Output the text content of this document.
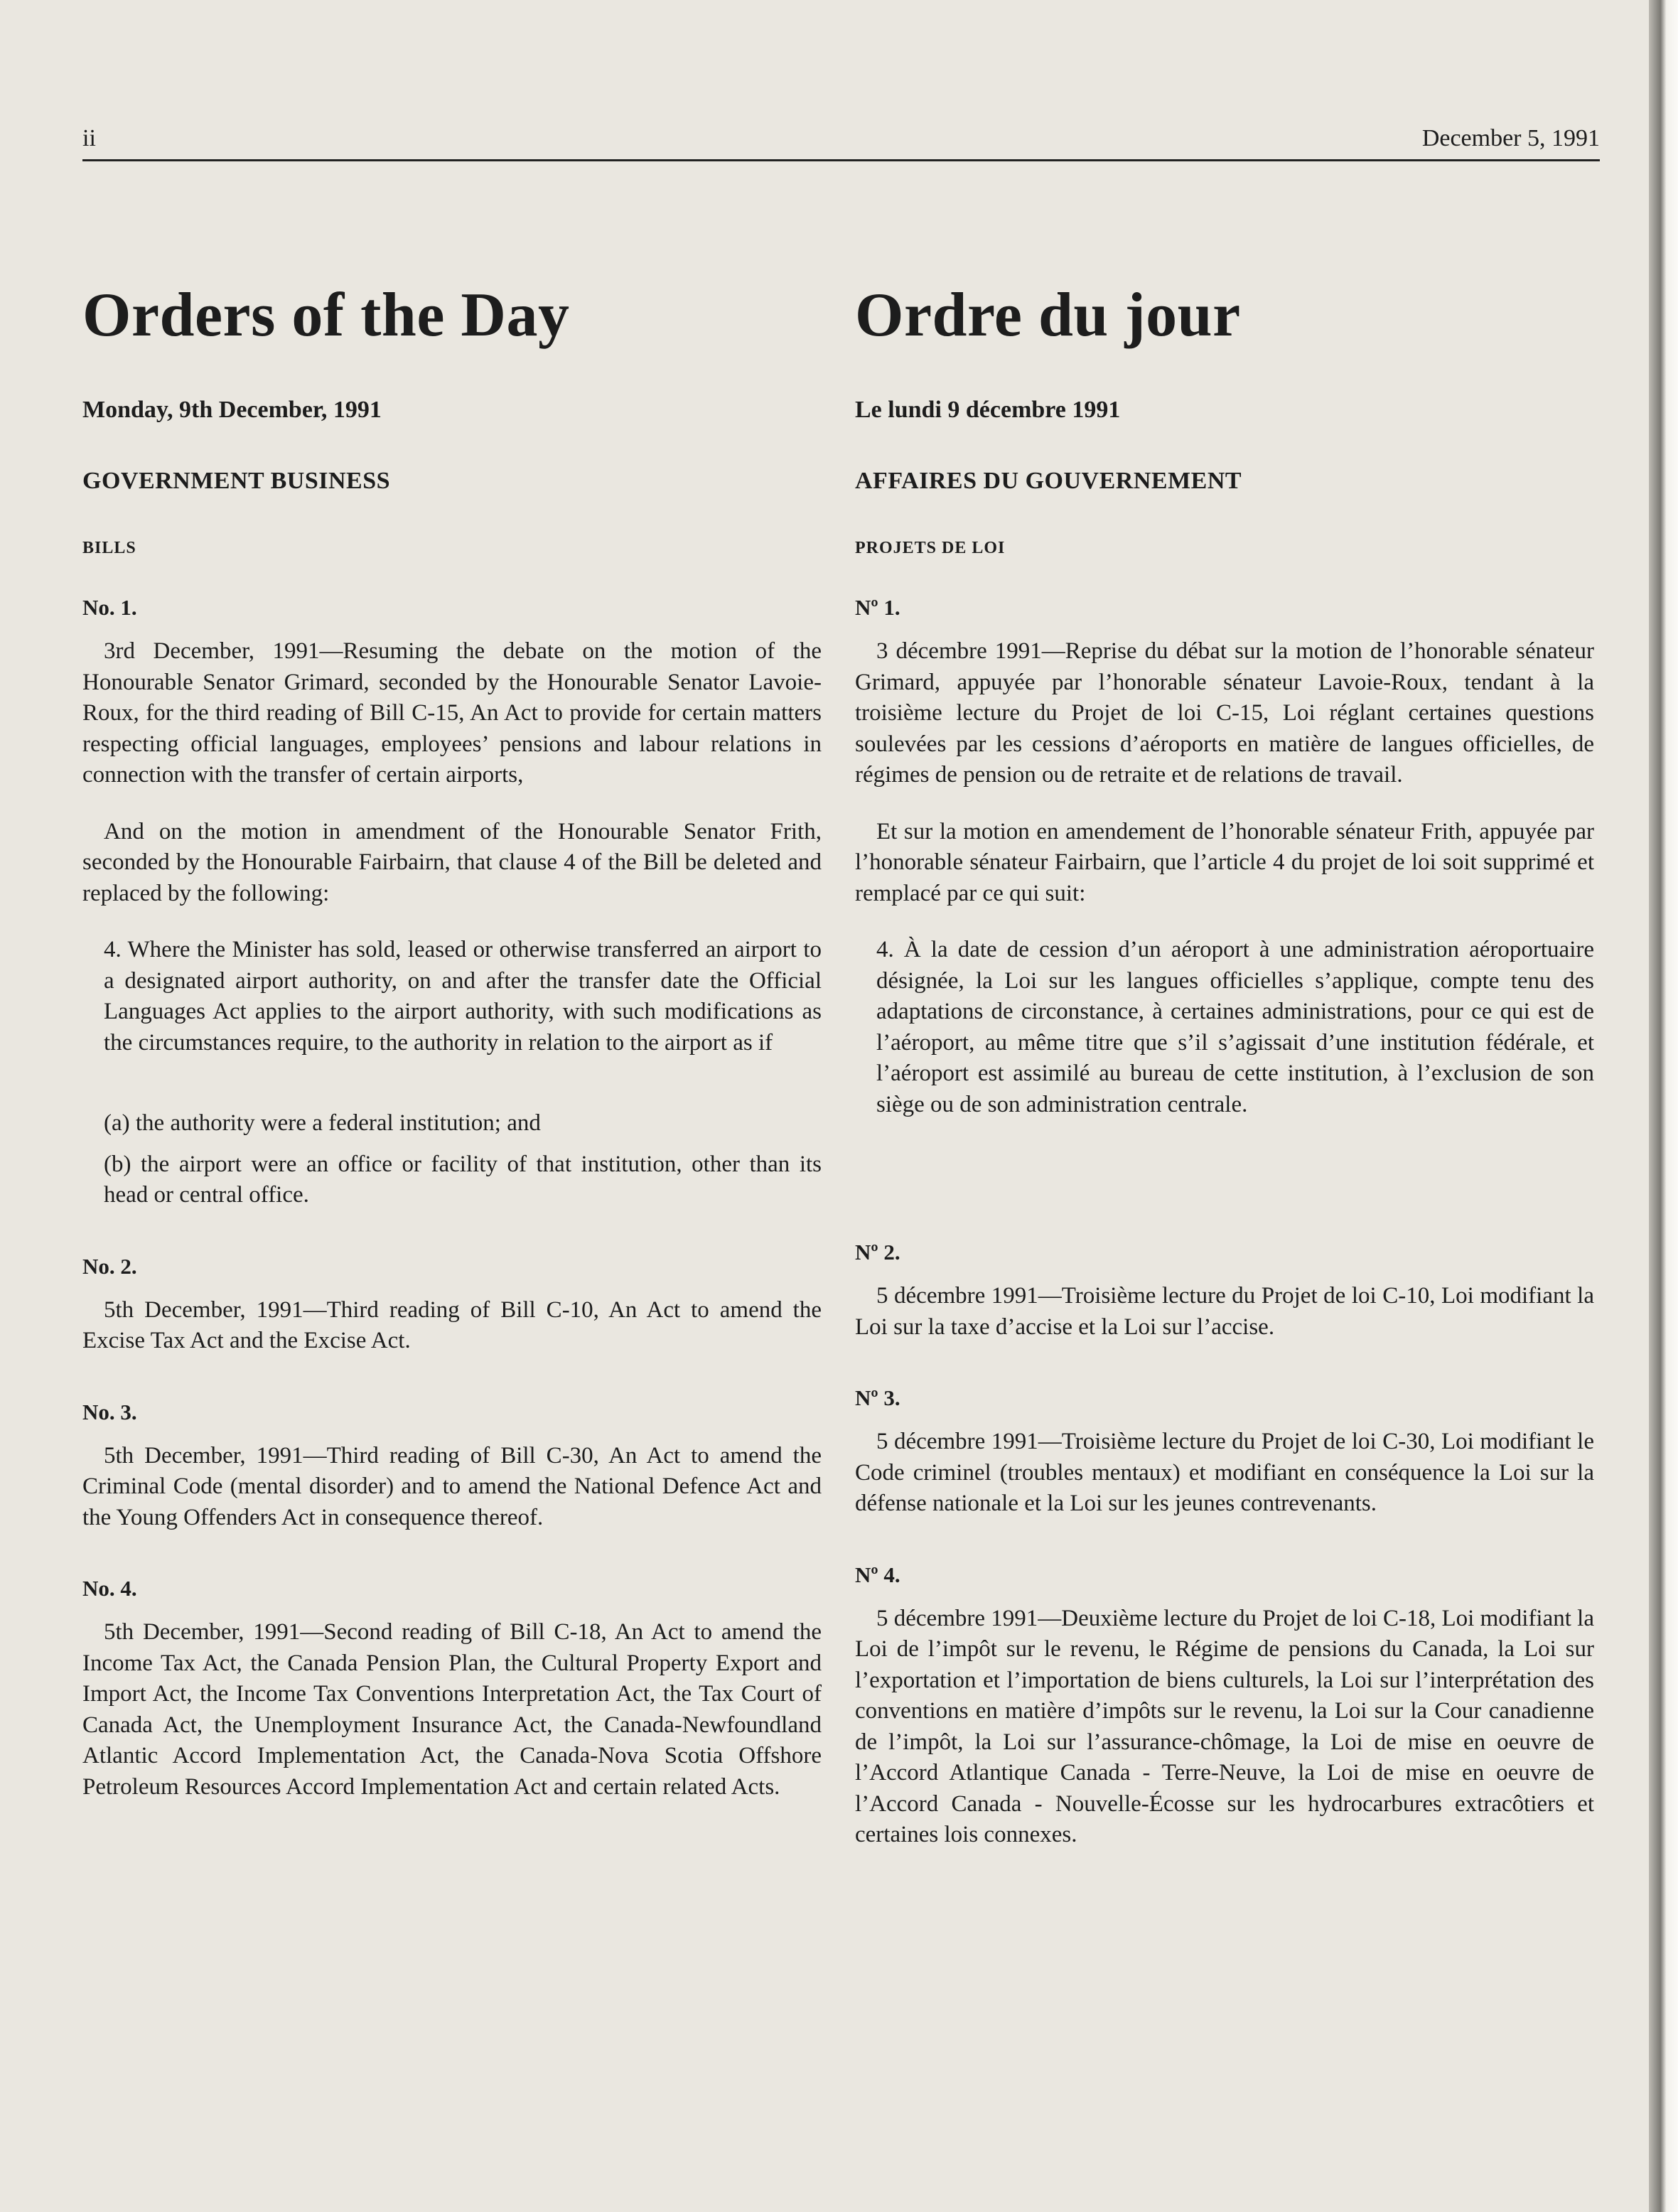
ii	December 5, 1991
Orders of the Day
Monday, 9th December, 1991
GOVERNMENT BUSINESS
BILLS
No. 1.

3rd December, 1991—Resuming the debate on the motion of the Honourable Senator Grimard, seconded by the Honourable Senator Lavoie-Roux, for the third reading of Bill C-15, An Act to provide for certain matters respecting official languages, employees’ pensions and labour relations in connection with the transfer of certain airports,

And on the motion in amendment of the Honourable Senator Frith, seconded by the Honourable Fairbairn, that clause 4 of the Bill be deleted and replaced by the following:

4. Where the Minister has sold, leased or otherwise transferred an airport to a designated airport authority, on and after the transfer date the Official Languages Act applies to the airport authority, with such modifications as the circumstances require, to the authority in relation to the airport as if

(a) the authority were a federal institution; and

(b) the airport were an office or facility of that institution, other than its head or central office.

No. 2.

5th December, 1991—Third reading of Bill C-10, An Act to amend the Excise Tax Act and the Excise Act.

No. 3.

5th December, 1991—Third reading of Bill C-30, An Act to amend the Criminal Code (mental disorder) and to amend the National Defence Act and the Young Offenders Act in consequence thereof.

No. 4.

5th December, 1991—Second reading of Bill C-18, An Act to amend the Income Tax Act, the Canada Pension Plan, the Cultural Property Export and Import Act, the Income Tax Conventions Interpretation Act, the Tax Court of Canada Act, the Unemployment Insurance Act, the Canada-Newfoundland Atlantic Accord Implementation Act, the Canada-Nova Scotia Offshore Petroleum Resources Accord Implementation Act and certain related Acts.

Ordre du jour
Le lundi 9 décembre 1991
AFFAIRES DU GOUVERNEMENT
PROJETS DE LOI
Nº 1.

3 décembre 1991—Reprise du débat sur la motion de l’honorable sénateur Grimard, appuyée par l’honorable sénateur Lavoie-Roux, tendant à la troisième lecture du Projet de loi C-15, Loi réglant certaines questions soulevées par les cessions d’aéroports en matière de langues officielles, de régimes de pension ou de retraite et de relations de travail.

Et sur la motion en amendement de l’honorable sénateur Frith, appuyée par l’honorable sénateur Fairbairn, que l’article 4 du projet de loi soit supprimé et remplacé par ce qui suit:

4. À la date de cession d’un aéroport à une administration aéroportuaire désignée, la Loi sur les langues officielles s’applique, compte tenu des adaptations de circonstance, à certaines administrations, pour ce qui est de l’aéroport, au même titre que s’il s’agissait d’une institution fédérale, et l’aéroport est assimilé au bureau de cette institution, à l’exclusion de son siège ou de son administration centrale.

Nº 2.

5 décembre 1991—Troisième lecture du Projet de loi C-10, Loi modifiant la Loi sur la taxe d’accise et la Loi sur l’accise.

Nº 3.

5 décembre 1991—Troisième lecture du Projet de loi C-30, Loi modifiant le Code criminel (troubles mentaux) et modifiant en conséquence la Loi sur la défense nationale et la Loi sur les jeunes contrevenants.

Nº 4.

5 décembre 1991—Deuxième lecture du Projet de loi C-18, Loi modifiant la Loi de l’impôt sur le revenu, le Régime de pensions du Canada, la Loi sur l’exportation et l’importation de biens culturels, la Loi sur l’interprétation des conventions en matière d’impôts sur le revenu, la Loi sur la Cour canadienne de l’impôt, la Loi sur l’assurance-chômage, la Loi de mise en oeuvre de l’Accord Atlantique Canada - Terre-Neuve, la Loi de mise en oeuvre de l’Accord Canada - Nouvelle-Écosse sur les hydrocarbures extracôtiers et certaines lois connexes.
